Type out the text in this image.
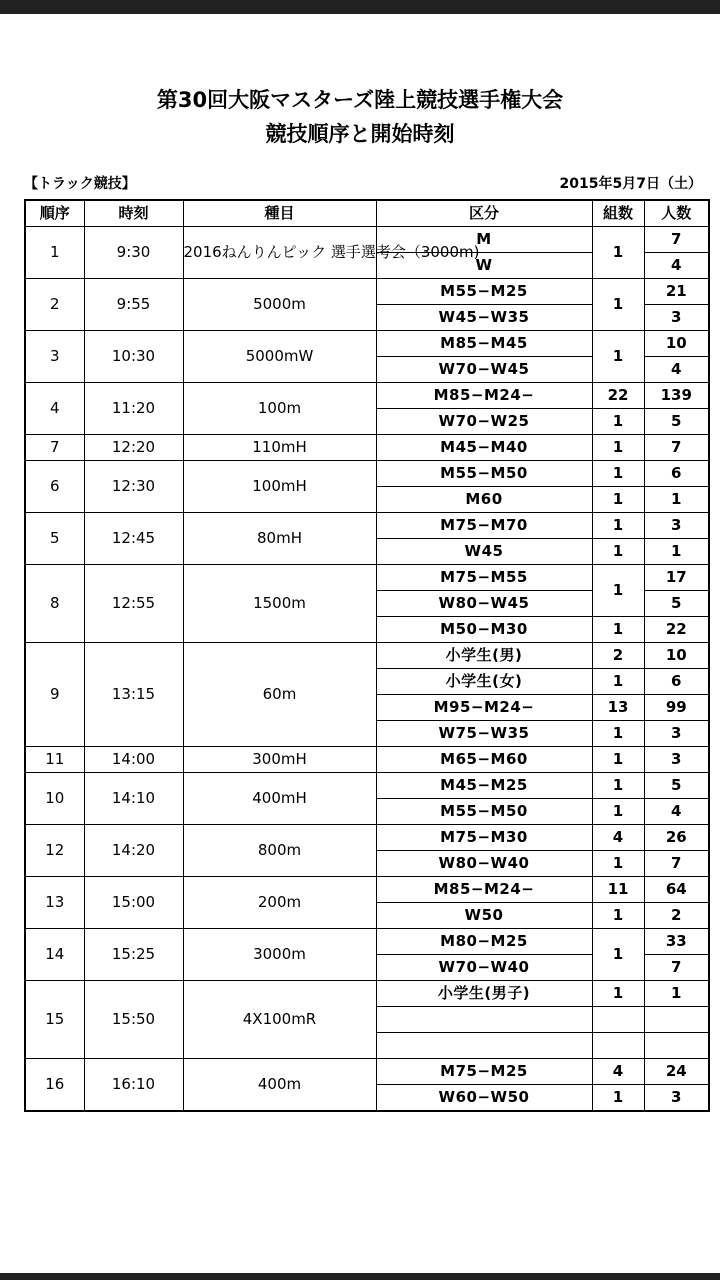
第30回大阪マスターズ陸上競技選手権大会
競技順序と開始時刻
【トラック競技】	2015年5月7日（土）
順序	時刻	種目	区分	組数	人数
1	9:30	2016ねんりんピック 選手選考会（3000m)	M	1	7
			W		4
2	9:55	5000m	M55−M25	1	21
			W45−W35		3
3	10:30	5000mW	M85−M45	1	10
			W70−W45		4
4	11:20	100m	M85−M24−	22	139
			W70−W25	1	5
7	12:20	110mH	M45−M40	1	7
6	12:30	100mH	M55−M50	1	6
			M60	1	1
5	12:45	80mH	M75−M70	1	3
			W45	1	1
8	12:55	1500m	M75−M55	1	17
			W80−W45		5
			M50−M30	1	22
9	13:15	60m	小学生(男)	2	10
			小学生(女)	1	6
			M95−M24−	13	99
			W75−W35	1	3
11	14:00	300mH	M65−M60	1	3
10	14:10	400mH	M45−M25	1	5
			M55−M50	1	4
12	14:20	800m	M75−M30	4	26
			W80−W40	1	7
13	15:00	200m	M85−M24−	11	64
			W50	1	2
14	15:25	3000m	M80−M25	1	33
			W70−W40		7
15	15:50	4X100mR	小学生(男子)	1	1

16	16:10	400m	M75−M25	4	24
			W60−W50	1	3
